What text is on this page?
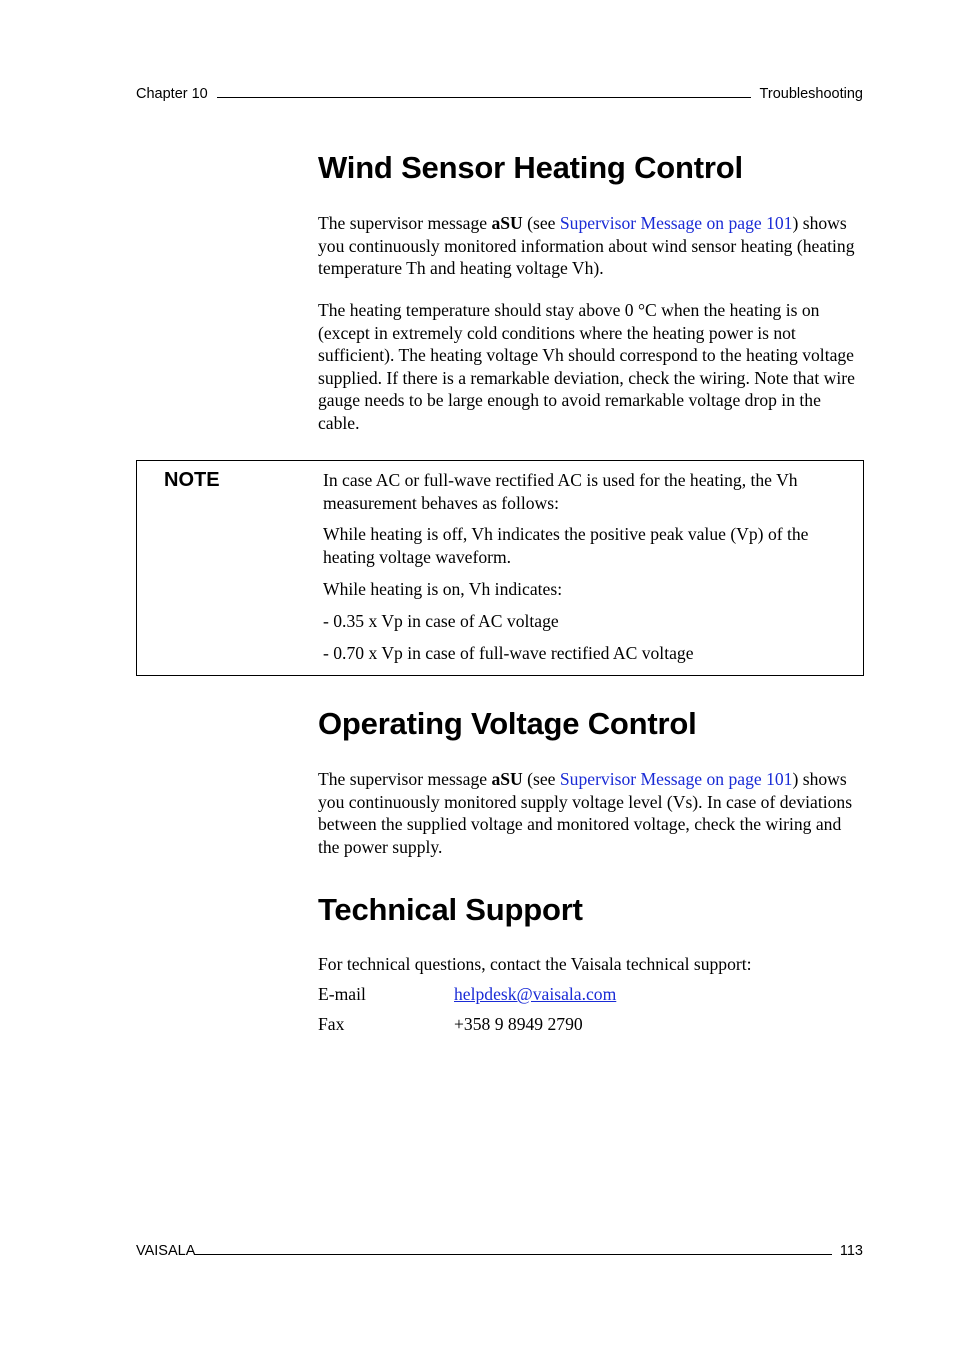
Chapter 10	Troubleshooting
Wind Sensor Heating Control

The supervisor message aSU (see Supervisor Message on page 101) shows you continuously monitored information about wind sensor heating (heating temperature Th and heating voltage Vh).

The heating temperature should stay above 0 °C when the heating is on (except in extremely cold conditions where the heating power is not sufficient). The heating voltage Vh should correspond to the heating voltage supplied. If there is a remarkable deviation, check the wiring. Note that wire gauge needs to be large enough to avoid remarkable voltage drop in the cable.

NOTE	In case AC or full-wave rectified AC is used for the heating, the Vh measurement behaves as follows:

While heating is off, Vh indicates the positive peak value (Vp) of the heating voltage waveform.

While heating is on, Vh indicates:

- 0.35 x Vp in case of AC voltage

- 0.70 x Vp in case of full-wave rectified AC voltage

Operating Voltage Control

The supervisor message aSU (see Supervisor Message on page 101) shows you continuously monitored supply voltage level (Vs). In case of deviations between the supplied voltage and monitored voltage, check the wiring and the power supply.

Technical Support

For technical questions, contact the Vaisala technical support:

E-mail	helpdesk@vaisala.com
Fax	+358 9 8949 2790
VAISALA	113
